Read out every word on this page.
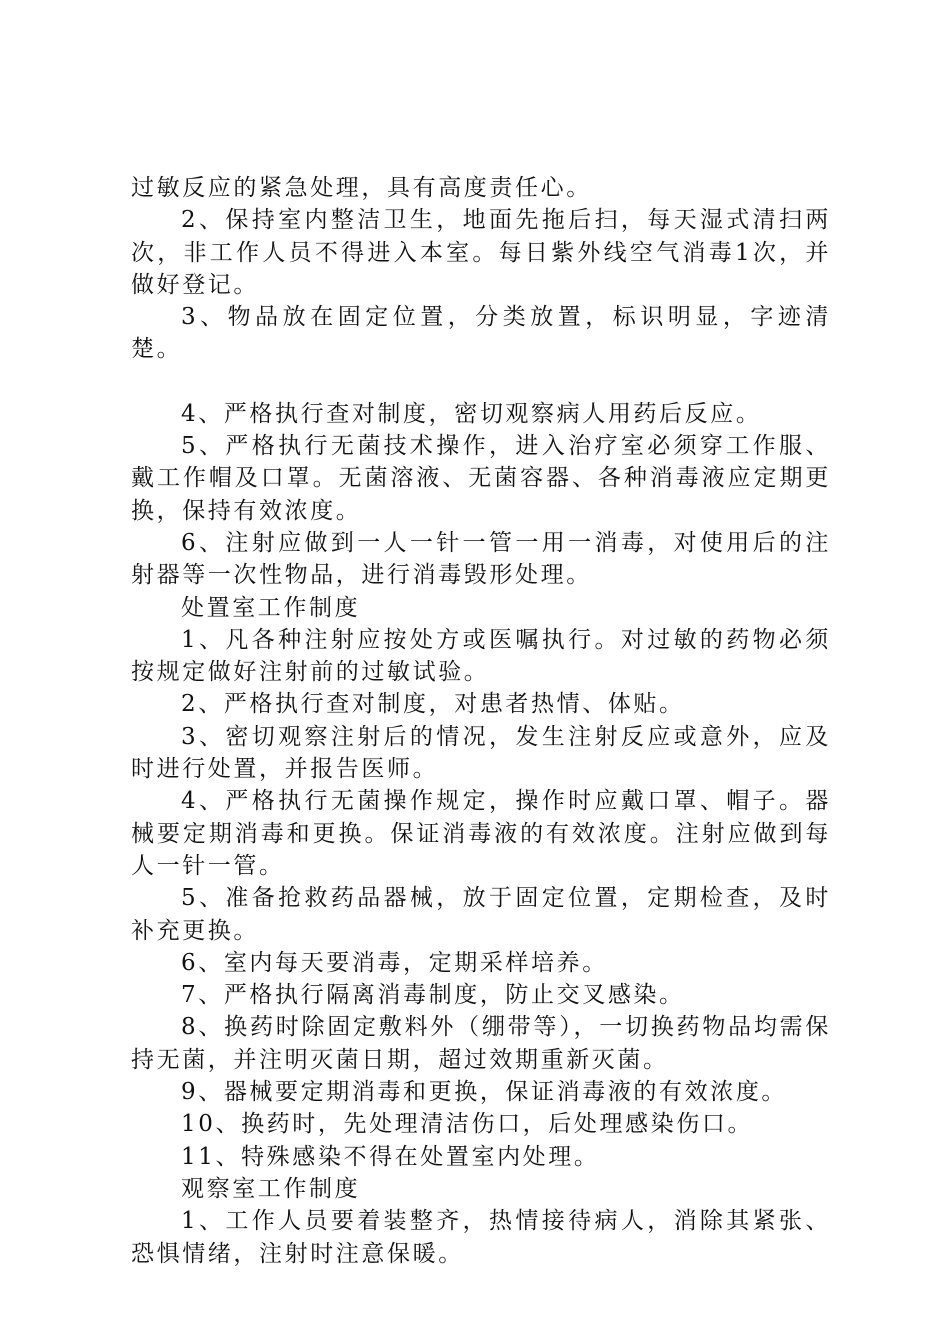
过敏反应的紧急处理，具有高度责任心。

2、保持室内整洁卫生，地面先拖后扫，每天湿式清扫两次，非工作人员不得进入本室。每日紫外线空气消毒1次，并做好登记。

3、物品放在固定位置，分类放置，标识明显，字迹清楚。

4、严格执行查对制度，密切观察病人用药后反应。

5、严格执行无菌技术操作，进入治疗室必须穿工作服、戴工作帽及口罩。无菌溶液、无菌容器、各种消毒液应定期更换，保持有效浓度。

6、注射应做到一人一针一管一用一消毒，对使用后的注射器等一次性物品，进行消毒毁形处理。

处置室工作制度

1、凡各种注射应按处方或医嘱执行。对过敏的药物必须按规定做好注射前的过敏试验。

2、严格执行查对制度，对患者热情、体贴。

3、密切观察注射后的情况，发生注射反应或意外，应及时进行处置，并报告医师。

4、严格执行无菌操作规定，操作时应戴口罩、帽子。器械要定期消毒和更换。保证消毒液的有效浓度。注射应做到每人一针一管。

5、准备抢救药品器械，放于固定位置，定期检查，及时补充更换。

6、室内每天要消毒，定期采样培养。

7、严格执行隔离消毒制度，防止交叉感染。

8、换药时除固定敷料外（绷带等），一切换药物品均需保持无菌，并注明灭菌日期，超过效期重新灭菌。

9、器械要定期消毒和更换，保证消毒液的有效浓度。

10、换药时，先处理清洁伤口，后处理感染伤口。

11、特殊感染不得在处置室内处理。

观察室工作制度

1、工作人员要着装整齐，热情接待病人，消除其紧张、恐惧情绪，注射时注意保暖。
